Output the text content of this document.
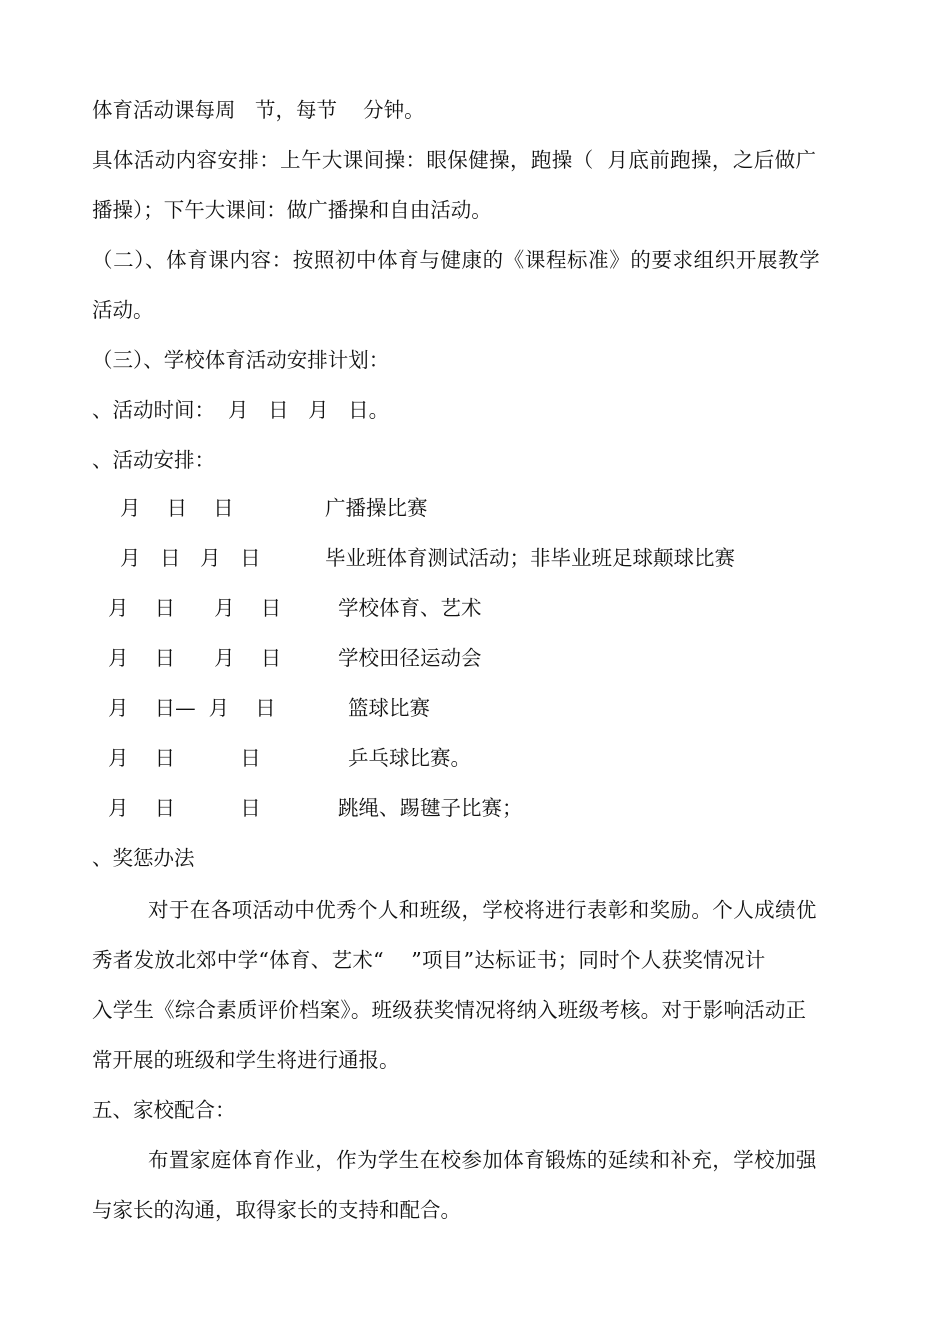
体育活动课每周   节，每节    分钟。
具体活动内容安排：上午大课间操：眼保健操，跑操（  月底前跑操，之后做广
播操）；下午大课间：做广播操和自由活动。
（二）、体育课内容：按照初中体育与健康的《课程标准》的要求组织开展教学
活动。
（三）、学校体育活动安排计划：
、活动时间：  月   日   月   日。
、活动安排：
月    日    日	广播操比赛
月   日   月   日	毕业班体育测试活动；非毕业班足球颠球比赛
月    日      月    日	学校体育、艺术
月    日      月    日	学校田径运动会
月    日—  月    日	篮球比赛
月    日          日	乒乓球比赛。
月    日          日	跳绳、踢毽子比赛；
、奖惩办法
对于在各项活动中优秀个人和班级，学校将进行表彰和奖励。个人成绩优
秀者发放北郊中学“体育、艺术“    ”项目”达标证书；同时个人获奖情况计
入学生《综合素质评价档案》。班级获奖情况将纳入班级考核。对于影响活动正
常开展的班级和学生将进行通报。
五、家校配合：
布置家庭体育作业，作为学生在校参加体育锻炼的延续和补充，学校加强
与家长的沟通，取得家长的支持和配合。
